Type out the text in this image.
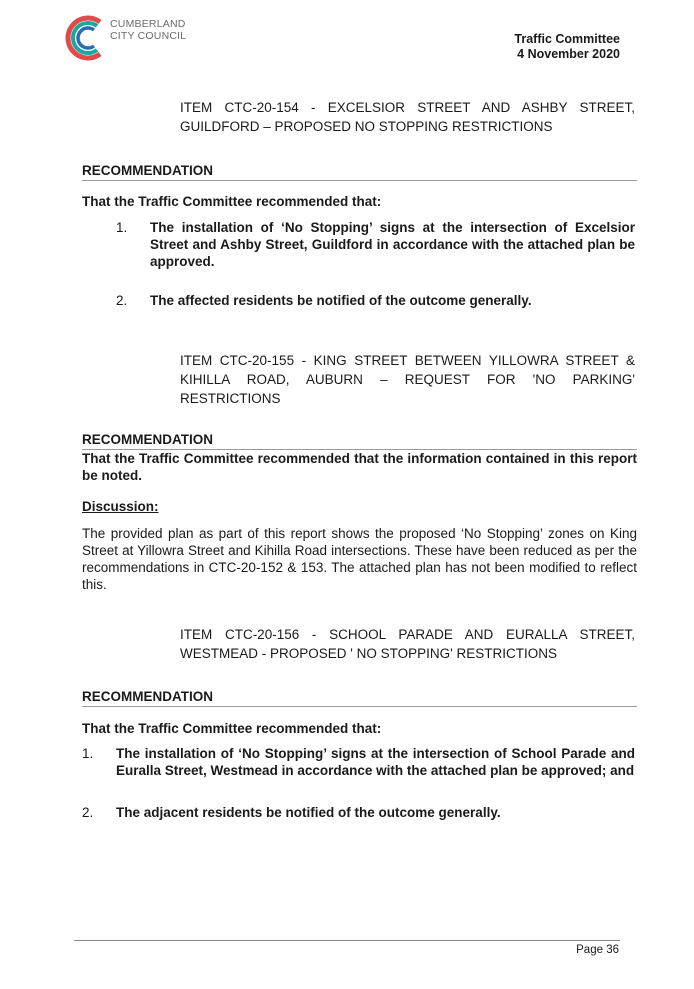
CUMBERLAND
CITY COUNCIL	Traffic Committee
4 November 2020
ITEM CTC-20-154 - EXCELSIOR STREET AND ASHBY STREET, GUILDFORD – PROPOSED NO STOPPING RESTRICTIONS
RECOMMENDATION
That the Traffic Committee recommended that:
1. The installation of ‘No Stopping’ signs at the intersection of Excelsior Street and Ashby Street, Guildford in accordance with the attached plan be approved.
2. The affected residents be notified of the outcome generally.
ITEM CTC-20-155 - KING STREET BETWEEN YILLOWRA STREET & KIHILLA ROAD, AUBURN – REQUEST FOR 'NO PARKING' RESTRICTIONS
RECOMMENDATION
That the Traffic Committee recommended that the information contained in this report be noted.
Discussion:
The provided plan as part of this report shows the proposed ‘No Stopping’ zones on King Street at Yillowra Street and Kihilla Road intersections. These have been reduced as per the recommendations in CTC-20-152 & 153. The attached plan has not been modified to reflect this.
ITEM CTC-20-156 - SCHOOL PARADE AND EURALLA STREET, WESTMEAD - PROPOSED ' NO STOPPING' RESTRICTIONS
RECOMMENDATION
That the Traffic Committee recommended that:
1. The installation of ‘No Stopping’ signs at the intersection of School Parade and Euralla Street, Westmead in accordance with the attached plan be approved; and
2. The adjacent residents be notified of the outcome generally.
Page 36
